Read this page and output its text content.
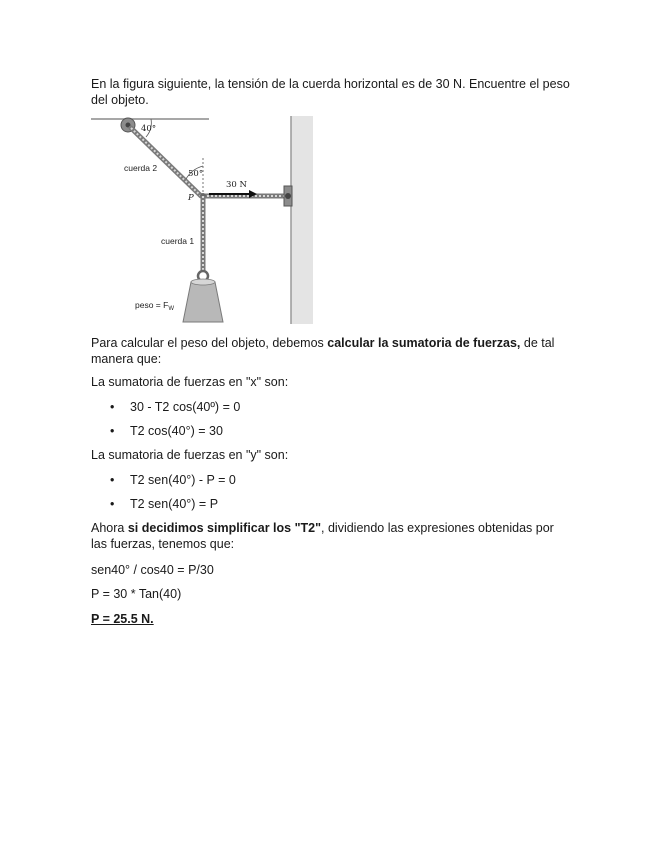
En la figura siguiente, la tensión de la cuerda horizontal es de 30 N. Encuentre el peso del objeto.

40°
cuerda 2
50°
30 N
P
cuerda 1
peso = $F_W$

Para calcular el peso del objeto, debemos calcular la sumatoria de fuerzas, de tal manera que:

La sumatoria de fuerzas en "x" son:

• 30 - T2 cos(40º) = 0
• T2 cos(40°) = 30

La sumatoria de fuerzas en "y" son:

• T2 sen(40°) - P = 0
• T2 sen(40°) = P

Ahora si decidimos simplificar los "T2", dividiendo las expresiones obtenidas por las fuerzas, tenemos que:

sen40° / cos40 = P/30

P = 30 * Tan(40)

P = 25.5 N.
